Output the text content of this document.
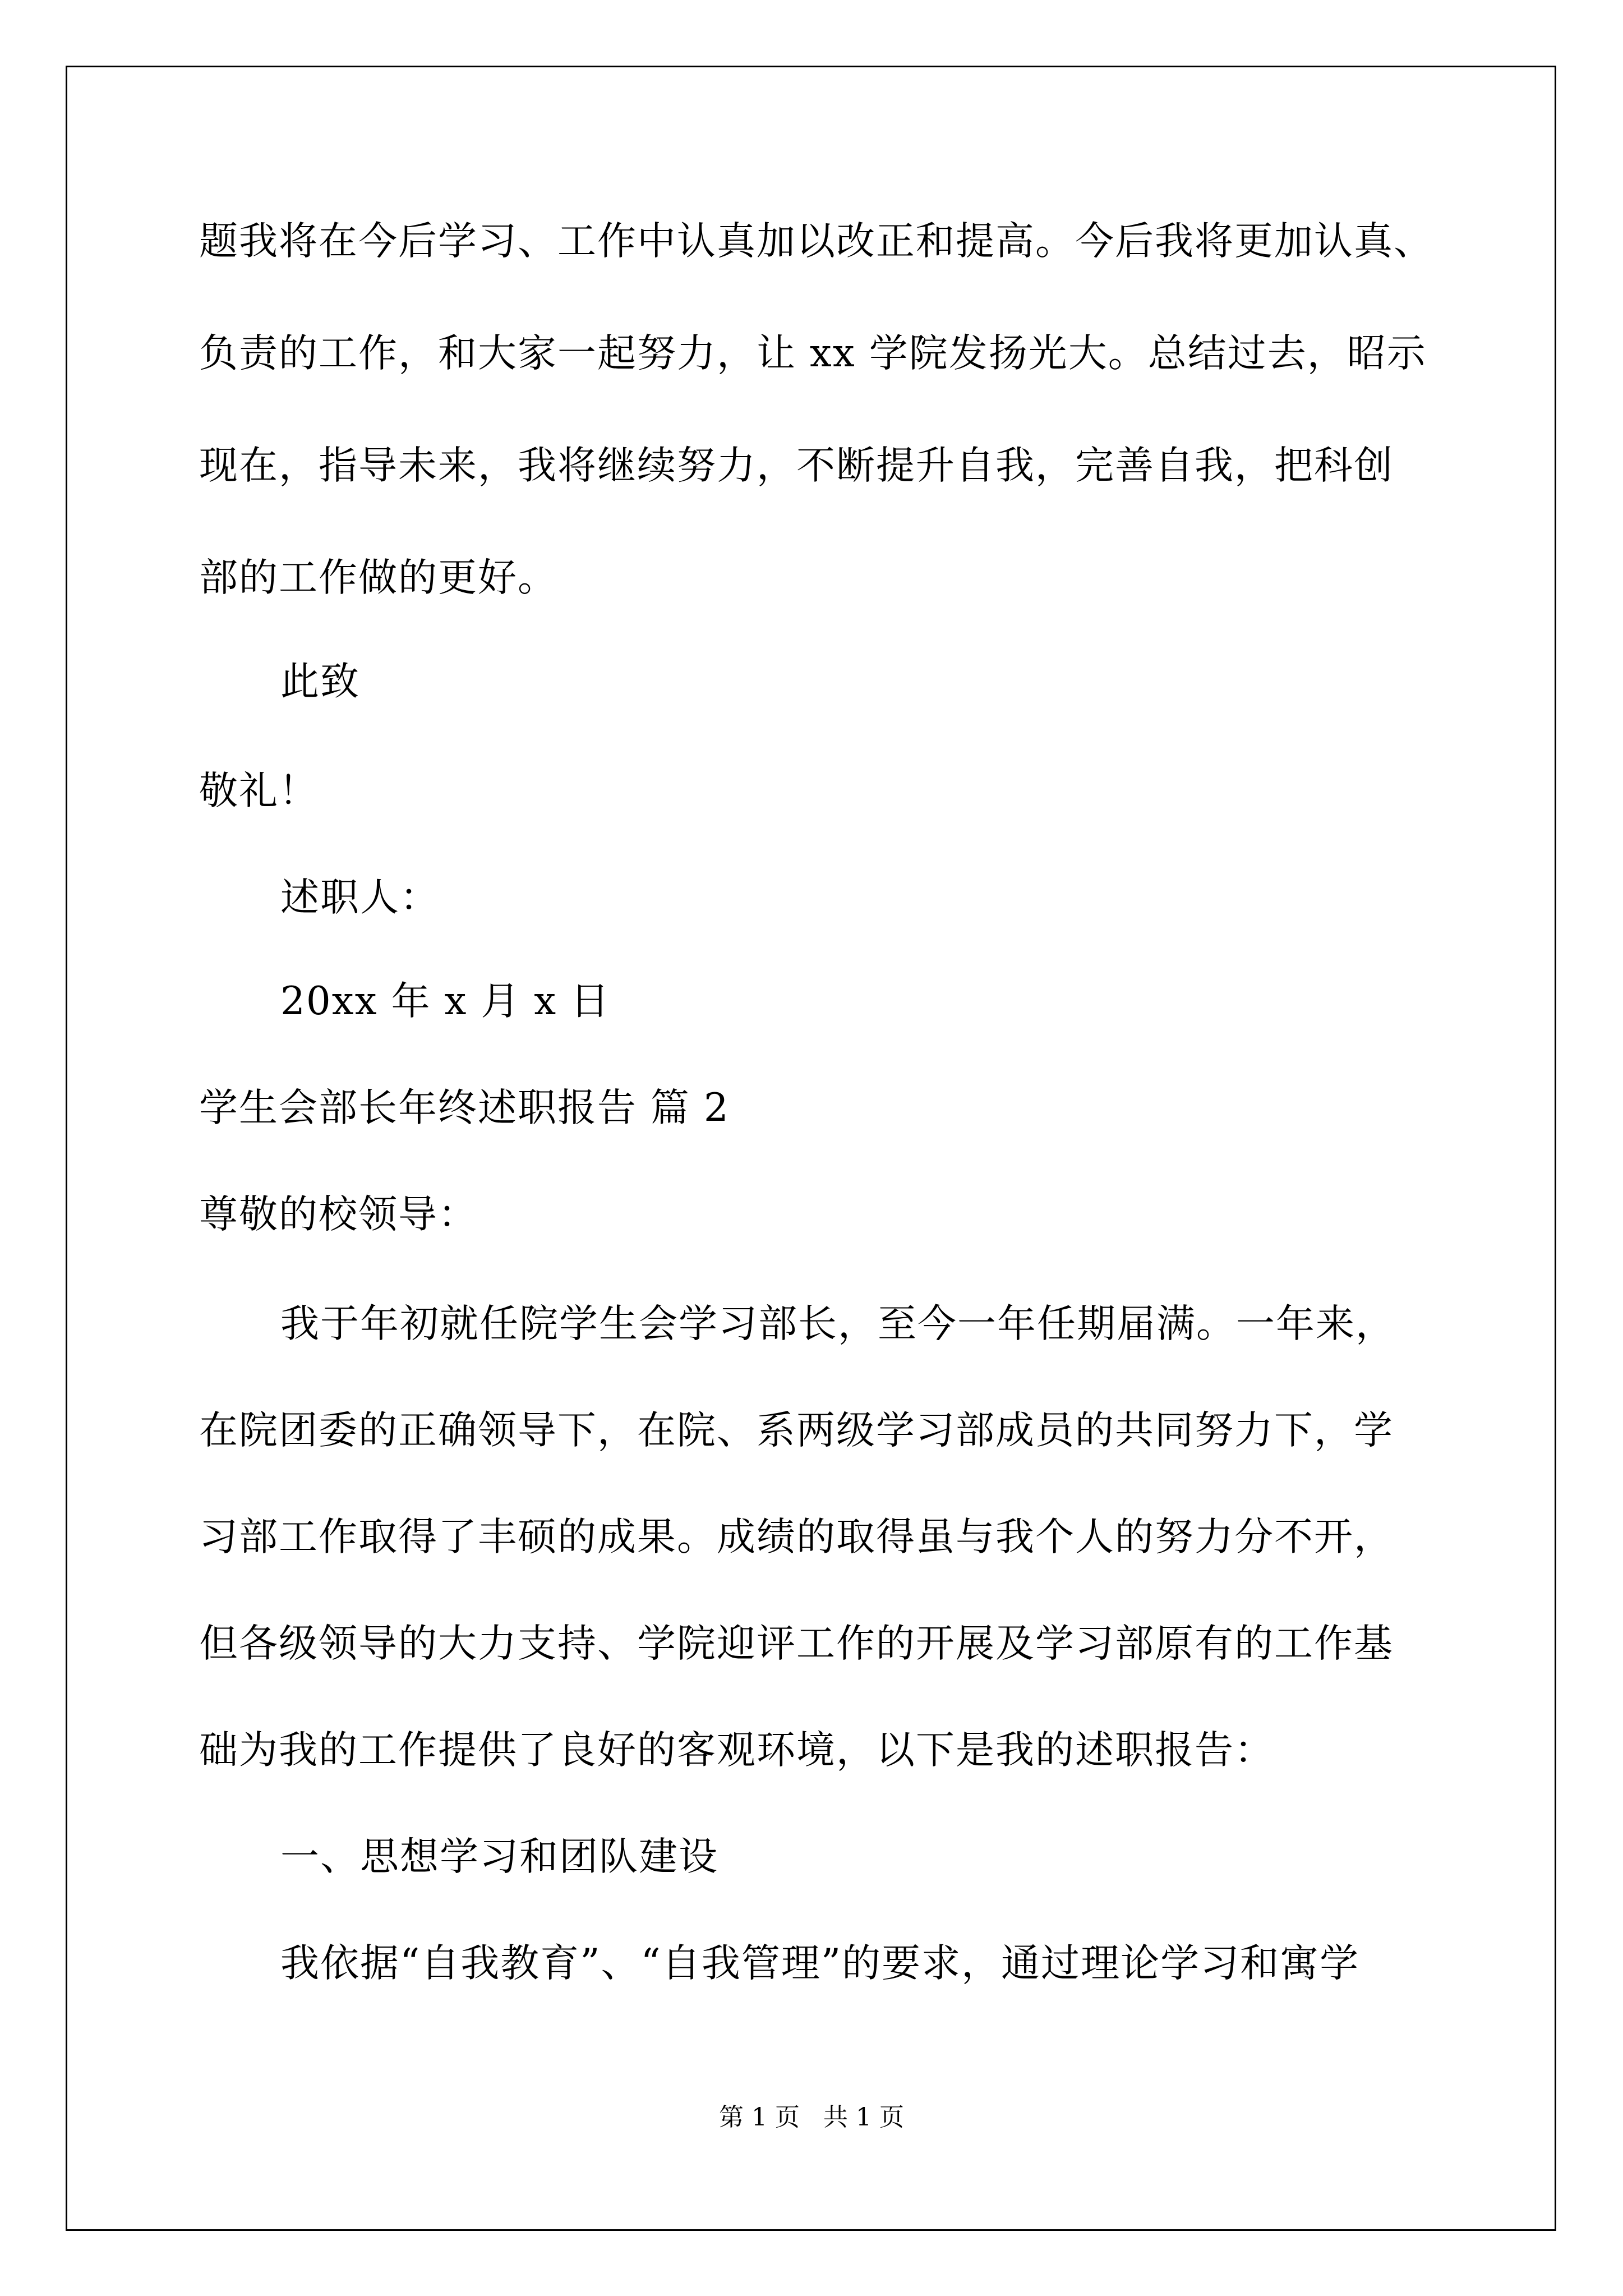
题我将在今后学习、工作中认真加以改正和提高。今后我将更加认真、
负责的工作，和大家一起努力，让 xx 学院发扬光大。总结过去，昭示
现在，指导未来，我将继续努力，不断提升自我，完善自我，把科创
部的工作做的更好。
此致
敬礼！
述职人：
20xx 年 x 月 x 日
学生会部长年终述职报告 篇 2
尊敬的校领导：
我于年初就任院学生会学习部长，至今一年任期届满。一年来，
在院团委的正确领导下，在院、系两级学习部成员的共同努力下，学
习部工作取得了丰硕的成果。成绩的取得虽与我个人的努力分不开，
但各级领导的大力支持、学院迎评工作的开展及学习部原有的工作基
础为我的工作提供了良好的客观环境，以下是我的述职报告：
一、思想学习和团队建设
我依据“自我教育”、“自我管理”的要求，通过理论学习和寓学
第 1 页   共 1 页
